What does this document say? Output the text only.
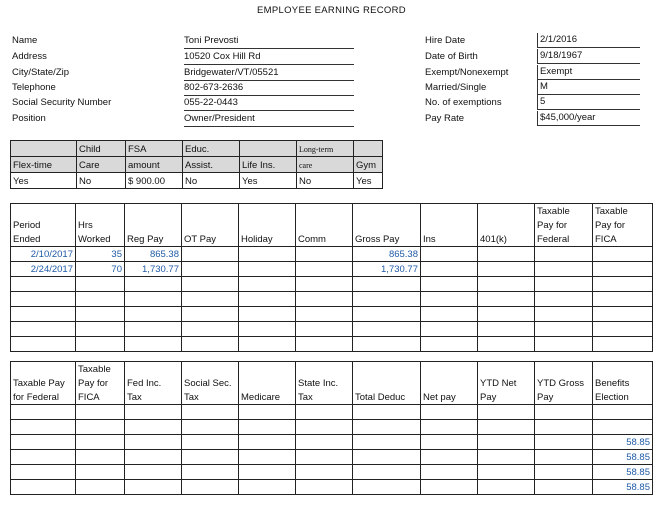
EMPLOYEE EARNING RECORD
Name	Toni Prevosti
Address	10520 Cox Hill Rd
City/State/Zip	Bridgewater/VT/05521
Telephone	802-673-2636
Social Security Number	055-22-0443
Position	Owner/President
Hire Date	2/1/2016
Date of Birth	9/18/1967
Exempt/Nonexempt	Exempt
Married/Single	M
No. of exemptions	5
Pay Rate	$45,000/year
	Child	FSA	Educ.		Long-term	
Flex-time	Care	amount	Assist.	Life Ins.	care	Gym
Yes	No	$ 900.00	No	Yes	No	Yes
									Taxable	Taxable
Period	Hrs								Pay for	Pay for
Ended	Worked	Reg Pay	OT Pay	Holiday	Comm	Gross Pay	Ins	401(k)	Federal	FICA
2/10/2017	35	865.38				865.38				
2/24/2017	70	1,730.77				1,730.77				

	Taxable									
Taxable Pay	Pay for	Fed Inc.	Social Sec.		State Inc.			YTD Net	YTD Gross	Benefits
for Federal	FICA	Tax	Tax	Medicare	Tax	Total Deduc	Net pay	Pay	Pay	Election

										58.85
										58.85
										58.85
										58.85
